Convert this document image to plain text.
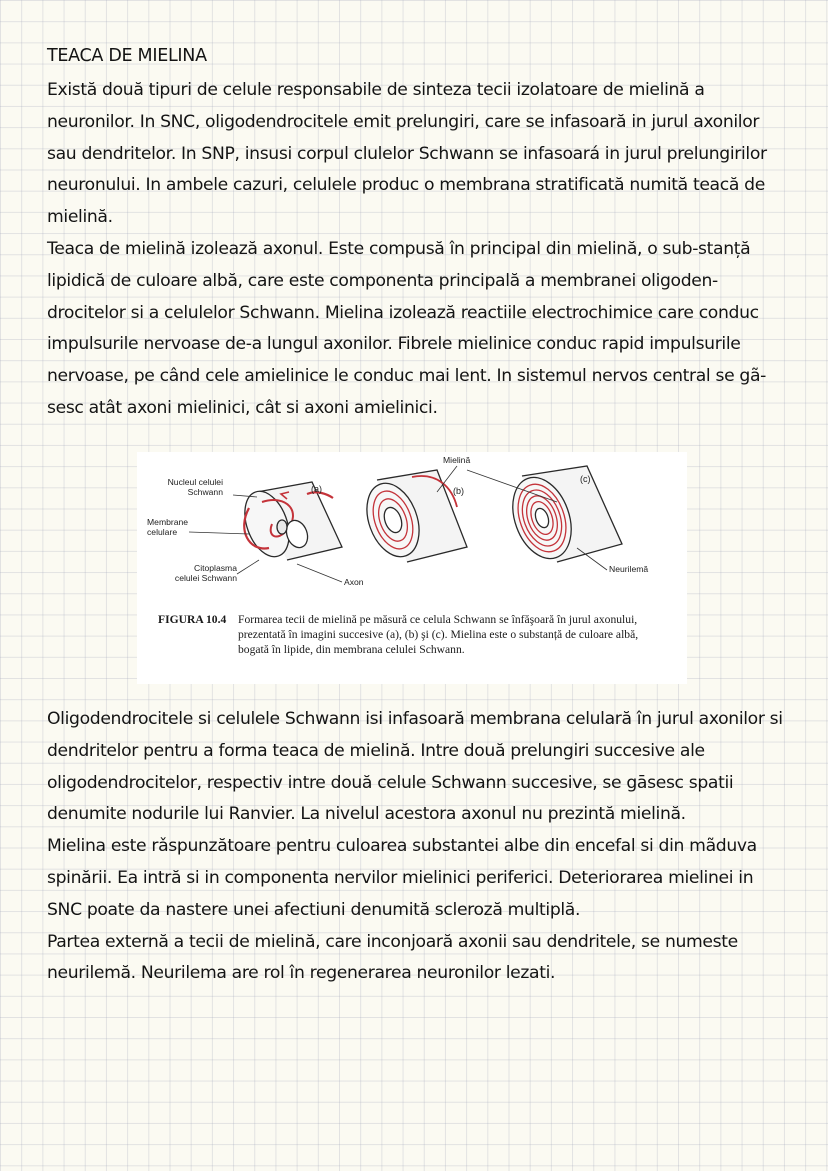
TEACA DE MIELINA

Există două tipuri de celule responsabile de sinteza tecii izolatoare de mielină a

neuronilor. In SNC, oligodendrocitele emit prelungiri, care se infasoară in jurul axonilor

sau dendritelor. In SNP, insusi corpul clulelor Schwann se infasoará in jurul prelungirilor

neuronului. In ambele cazuri, celulele produc o membrana stratificată numită teacă de

mielină.

Teaca de mielină izolează axonul. Este compusă în principal din mielină, o sub-stanță

lipidică de culoare albă, care este componenta principală a membranei oligoden-

drocitelor si a celulelor Schwann. Mielina izolează reactiile electrochimice care conduc

impulsurile nervoase de-a lungul axonilor. Fibrele mielinice conduc rapid impulsurile

nervoase, pe când cele amielinice le conduc mai lent. In sistemul nervos central se gã-

sesc atât axoni mielinici, cât si axoni amielinici.

Nucleul celulei
Schwann
Membrane
celulare
Citoplasma
celulei Schwann	Axon
Mielină
Neurilemă
(a)	(b)
(c)
FIGURA 10.4 Formarea tecii de mielină pe măsură ce celula Schwann se înfăşoară în jurul axonului, prezentată în imagini succesive (a), (b) şi (c). Mielina este o substanță de culoare albă, bogată în lipide, din membrana celulei Schwann.

Oligodendrocitele si celulele Schwann isi infasoară membrana celulară în jurul axonilor si

dendritelor pentru a forma teaca de mielină. Intre două prelungiri succesive ale

oligodendrocitelor, respectiv intre două celule Schwann succesive, se gāsesc spatii

denumite nodurile lui Ranvier. La nivelul acestora axonul nu prezintă mielină.

Mielina este rǎspunzătoare pentru culoarea substantei albe din encefal si din mãduva

spinării. Ea intră si in componenta nervilor mielinici periferici. Deteriorarea mielinei in

SNC poate da nastere unei afectiuni denumită scleroză multiplă.

Partea externă a tecii de mielină, care inconjoară axonii sau dendritele, se numeste

neurilemă. Neurilema are rol în regenerarea neuronilor lezati.
